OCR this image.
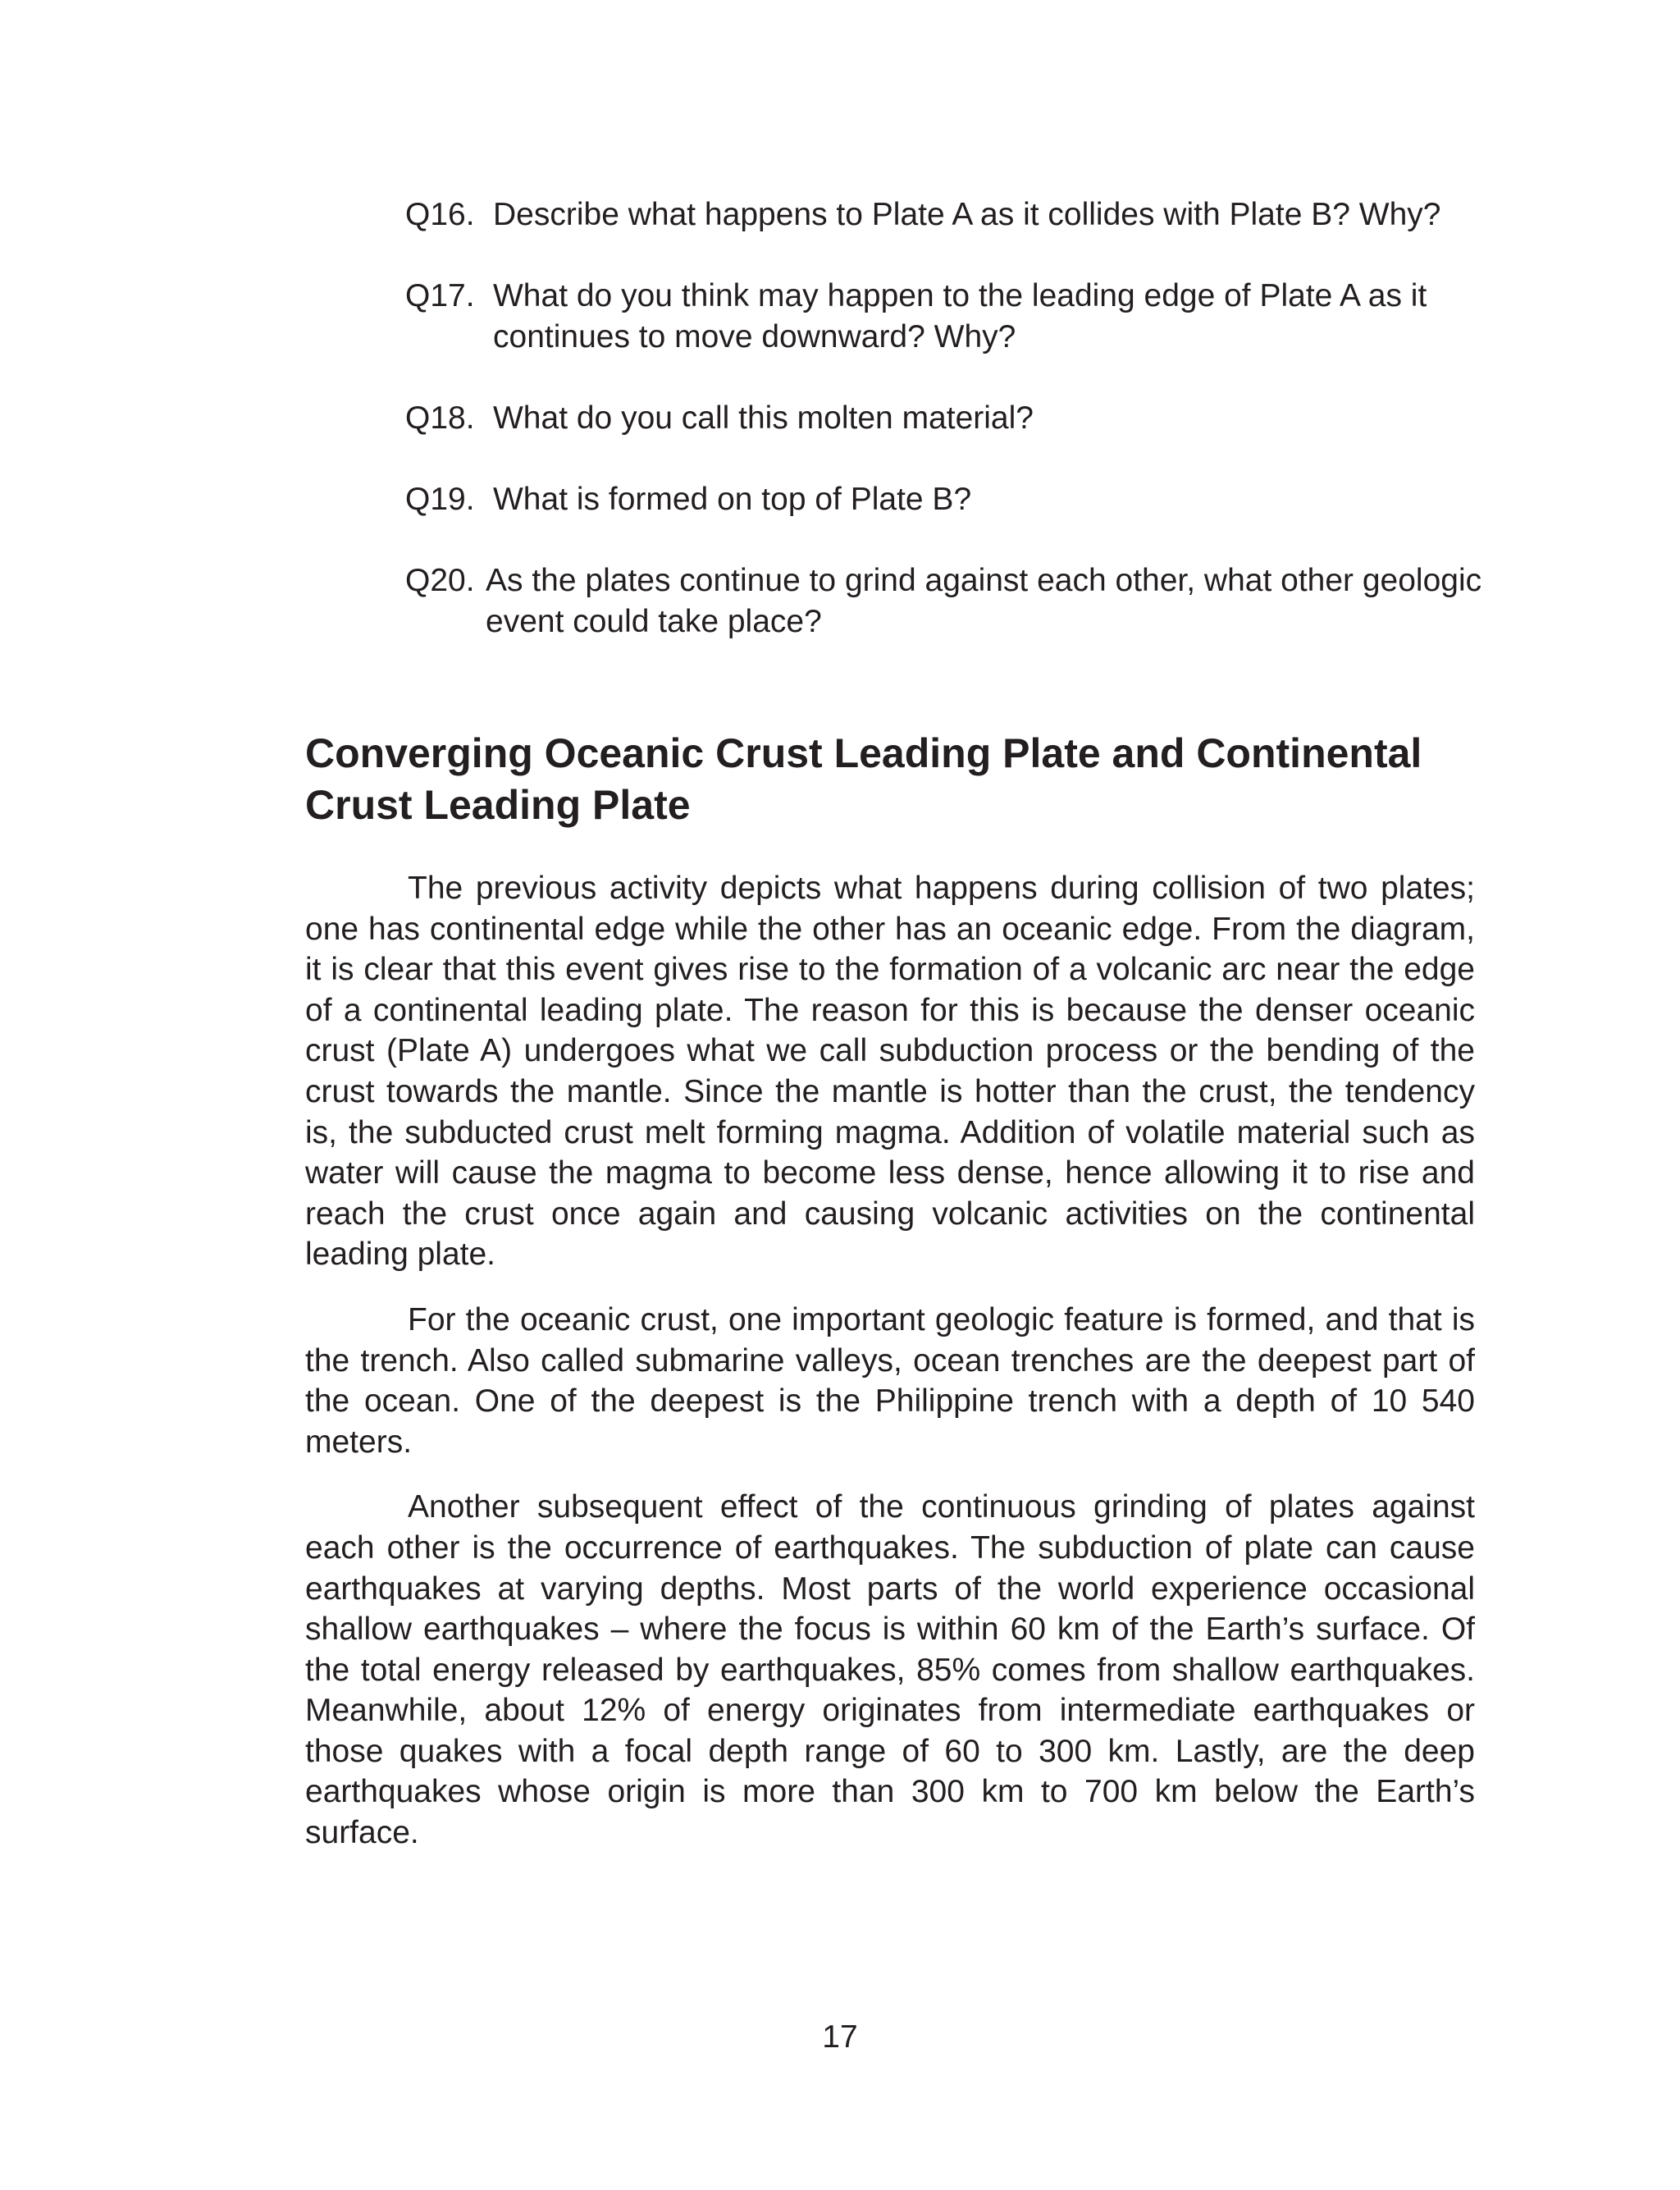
Q16. Describe what happens to Plate A as it collides with Plate B? Why?
Q17. What do you think may happen to the leading edge of Plate A as it continues to move downward? Why?
Q18. What do you call this molten material?
Q19. What is formed on top of Plate B?
Q20. As the plates continue to grind against each other, what other geologic event could take place?
Converging Oceanic Crust Leading Plate and Continental Crust Leading Plate

The previous activity depicts what happens during collision of two plates; one has continental edge while the other has an oceanic edge. From the diagram, it is clear that this event gives rise to the formation of a volcanic arc near the edge of a continental leading plate. The reason for this is because the denser oceanic crust (Plate A) undergoes what we call subduction process or the bending of the crust towards the mantle. Since the mantle is hotter than the crust, the tendency is, the subducted crust melt forming magma. Addition of volatile material such as water will cause the magma to become less dense, hence allowing it to rise and reach the crust once again and causing volcanic activities on the continental leading plate.

For the oceanic crust, one important geologic feature is formed, and that is the trench. Also called submarine valleys, ocean trenches are the deepest part of the ocean. One of the deepest is the Philippine trench with a depth of 10 540 meters.

Another subsequent effect of the continuous grinding of plates against each other is the occurrence of earthquakes. The subduction of plate can cause earthquakes at varying depths. Most parts of the world experience occasional shallow earthquakes – where the focus is within 60 km of the Earth’s surface. Of the total energy released by earthquakes, 85% comes from shallow earthquakes. Meanwhile, about 12% of energy originates from intermediate earthquakes or those quakes with a focal depth range of 60 to 300 km. Lastly, are the deep earthquakes whose origin is more than 300 km to 700 km below the Earth’s surface.

17
